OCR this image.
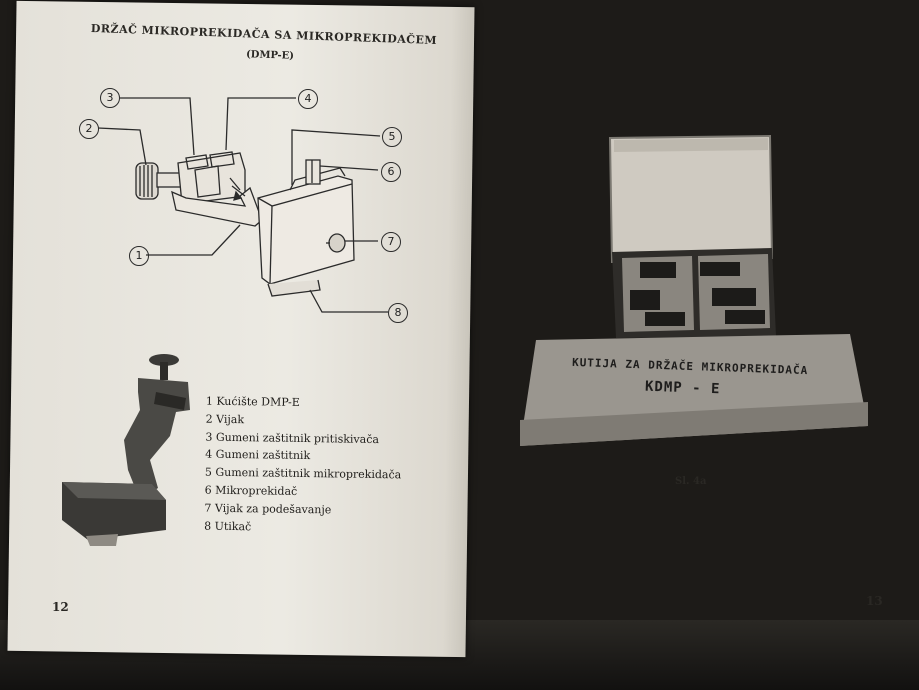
DRŽAČ MIKROPREKIDAČA SA MIKROPREKIDAČEM
(DMP-E)
1
2
3	4
5
6
7
8
1 Kućište DMP-E
2 Vijak
3 Gumeni zaštitnik pritiskivača
4 Gumeni zaštitnik
5 Gumeni zaštitnik mikroprekidača
6 Mikroprekidač
7 Vijak za podešavanje
8 Utikač
12
KUTIJA ZA DRŽAČE MIKROPREKIDAČA
KDMP - E
Sl. 4a
13
